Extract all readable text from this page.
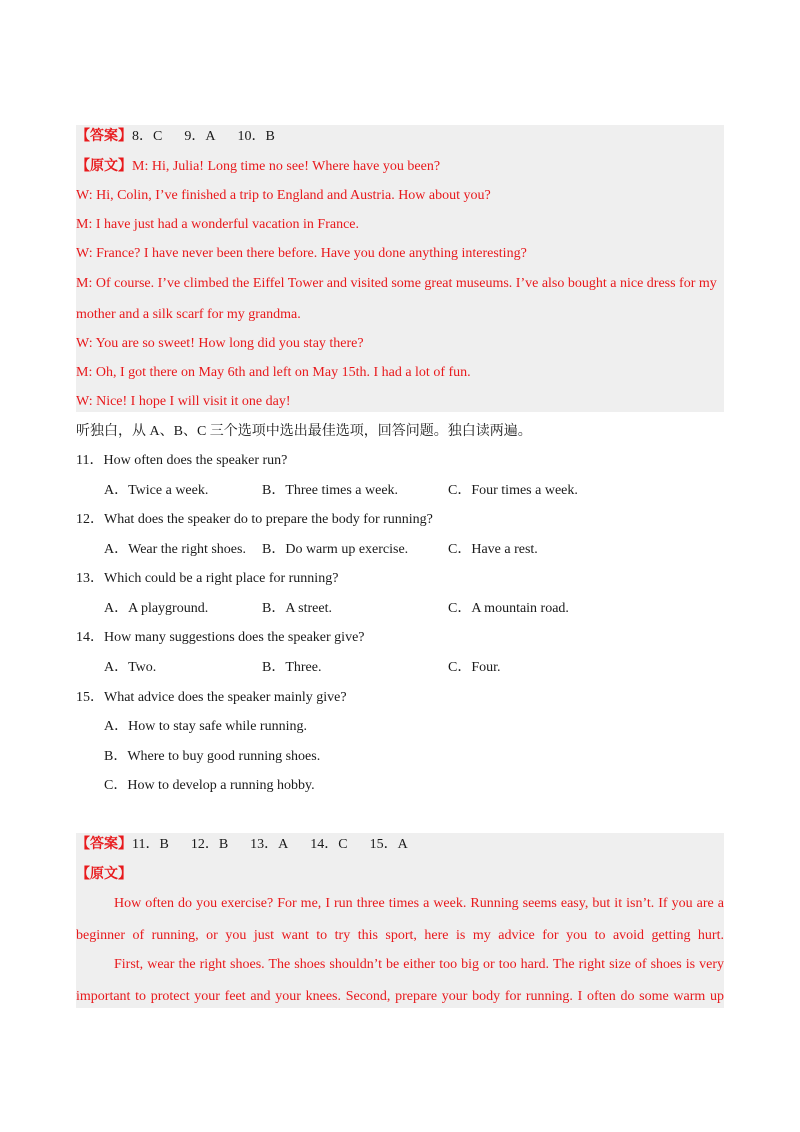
【答案】8．C 9．A 10．B
【原文】M: Hi, Julia! Long time no see! Where have you been?
W: Hi, Colin, I’ve finished a trip to England and Austria. How about you?
M: I have just had a wonderful vacation in France.
W: France? I have never been there before. Have you done anything interesting?
M: Of course. I’ve climbed the Eiffel Tower and visited some great museums. I’ve also bought a nice dress for my
mother and a silk scarf for my grandma.
W: You are so sweet! How long did you stay there?
M: Oh, I got there on May 6th and left on May 15th. I had a lot of fun.
W: Nice! I hope I will visit it one day!
听独白，从 A、B、C 三个选项中选出最佳选项，回答问题。独白读两遍。
11．How often does the speaker run?
A．Twice a week.	B．Three times a week.	C．Four times a week.
12．What does the speaker do to prepare the body for running?
A．Wear the right shoes. B．Do warm up exercise.	C．Have a rest.
13．Which could be a right place for running?
A．A playground.	B．A street.	C．A mountain road.
14．How many suggestions does the speaker give?
A．Two.	B．Three.	C．Four.
15．What advice does the speaker mainly give?
A．How to stay safe while running.
B．Where to buy good running shoes.
C．How to develop a running hobby.
【答案】11．B 12．B 13．A 14．C 15．A
【原文】
How often do you exercise? For me, I run three times a week. Running seems easy, but it isn’t. If you are a
beginner of running, or you just want to try this sport, here is my advice for you to avoid getting hurt.
First, wear the right shoes. The shoes shouldn’t be either too big or too hard. The right size of shoes is very
important to protect your feet and your knees. Second, prepare your body for running. I often do some warm up
